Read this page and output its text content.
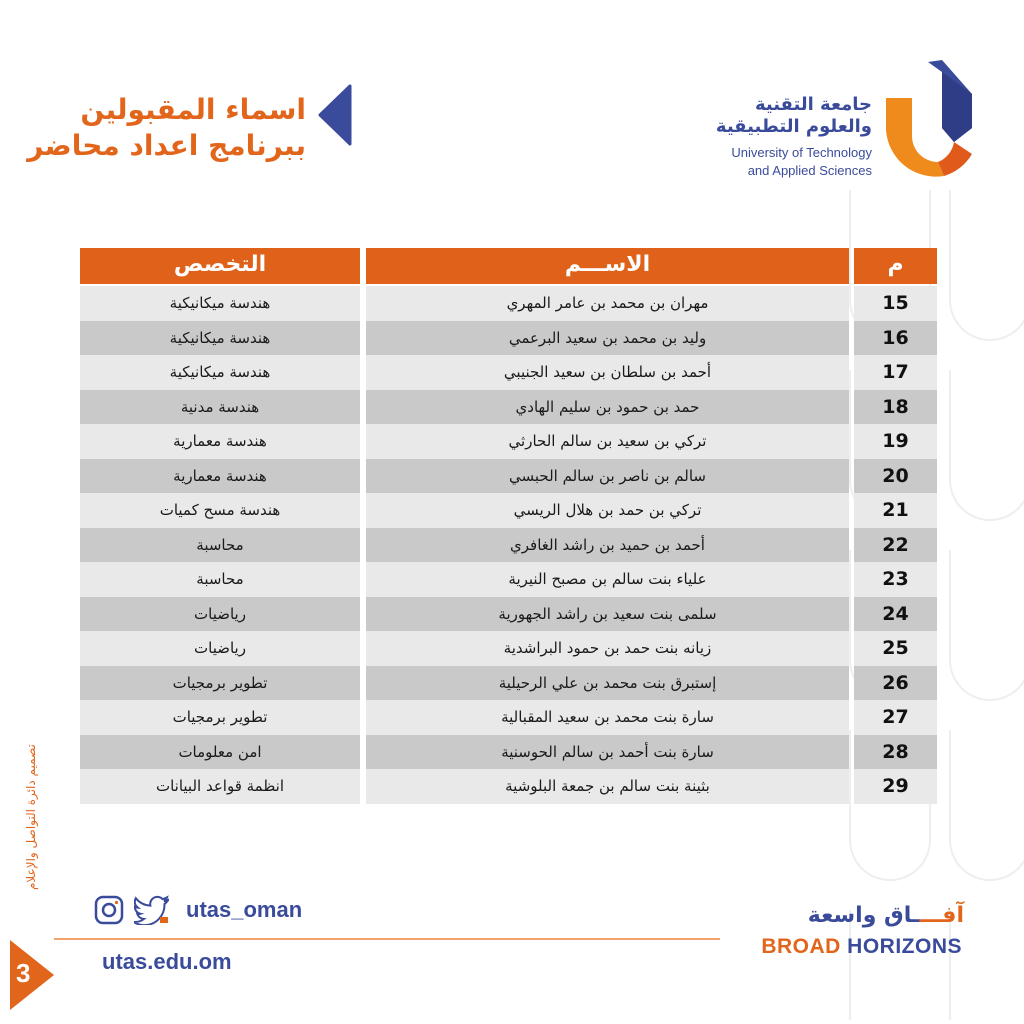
اسماء المقبولين
ببرنامج اعداد محاضر
جامعة التقنية
والعلوم التطبيقية
University of Technology
and Applied Sciences
التخصص	الاســـم	م
هندسة ميكانيكية	مهران بن محمد بن عامر المهري	15
هندسة ميكانيكية	وليد بن محمد بن سعيد البرعمي	16
هندسة ميكانيكية	أحمد بن سلطان بن سعيد الجنيبي	17
هندسة مدنية	حمد بن حمود بن سليم الهادي	18
هندسة معمارية	تركي بن سعيد بن سالم الحارثي	19
هندسة معمارية	سالم بن ناصر بن سالم الحبسي	20
هندسة مسح كميات	تركي بن حمد بن هلال الريسي	21
محاسبة	أحمد بن حميد بن راشد الغافري	22
محاسبة	علياء بنت سالم بن مصبح النيرية	23
رياضيات	سلمى بنت سعيد بن راشد الجهورية	24
رياضيات	زيانه بنت حمد بن حمود البراشدية	25
تطوير برمجيات	إستبرق بنت محمد بن علي الرحيلية	26
تطوير برمجيات	سارة بنت محمد بن سعيد المقبالية	27
امن معلومات	سارة بنت أحمد بن سالم الحوسنية	28
انظمة قواعد البيانات	بثينة بنت سالم بن جمعة البلوشية	29
تصميم دائرة التواصل والإعلام
utas_oman
utas.edu.om
3
آفــــاق واسعة
BROAD HORIZONS
